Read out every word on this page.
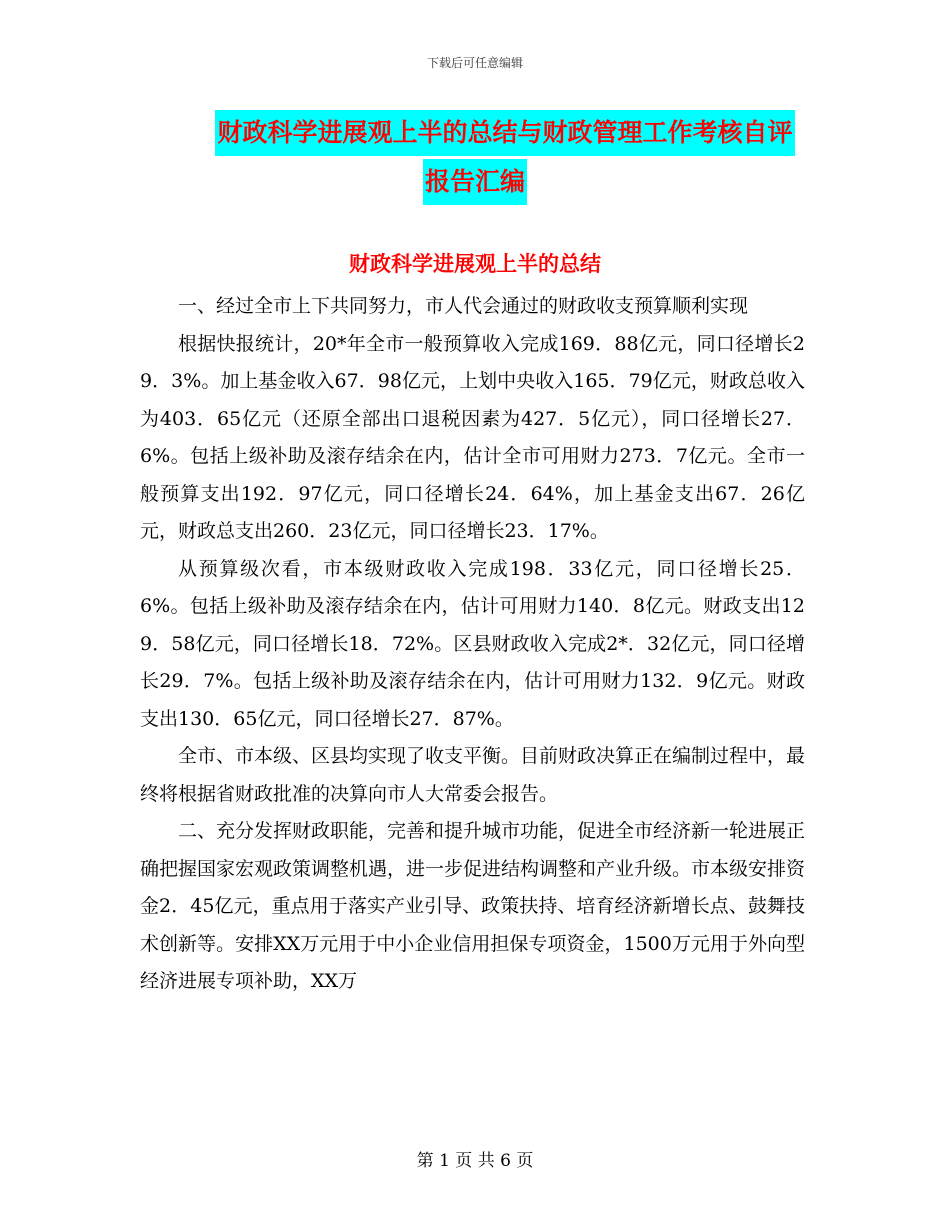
下载后可任意编辑
财政科学进展观上半的总结与财政管理工作考核自评
报告汇编
财政科学进展观上半的总结

一、经过全市上下共同努力，市人代会通过的财政收支预算顺利实现

根据快报统计，20*年全市一般预算收入完成169．88亿元，同口径增长29．3%。加上基金收入67．98亿元，上划中央收入165．79亿元，财政总收入为403．65亿元（还原全部出口退税因素为427．5亿元），同口径增长27．6%。包括上级补助及滚存结余在内，估计全市可用财力273．7亿元。全市一般预算支出192．97亿元，同口径增长24．64%，加上基金支出67．26亿元，财政总支出260．23亿元，同口径增长23．17%。

从预算级次看，市本级财政收入完成198．33亿元，同口径增长25．6%。包括上级补助及滚存结余在内，估计可用财力140．8亿元。财政支出129．58亿元，同口径增长18．72%。区县财政收入完成2*．32亿元，同口径增长29．7%。包括上级补助及滚存结余在内，估计可用财力132．9亿元。财政支出130．65亿元，同口径增长27．87%。

全市、市本级、区县均实现了收支平衡。目前财政决算正在编制过程中，最终将根据省财政批准的决算向市人大常委会报告。

二、充分发挥财政职能，完善和提升城市功能，促进全市经济新一轮进展正确把握国家宏观政策调整机遇，进一步促进结构调整和产业升级。市本级安排资金2．45亿元，重点用于落实产业引导、政策扶持、培育经济新增长点、鼓舞技术创新等。安排XX万元用于中小企业信用担保专项资金，1500万元用于外向型经济进展专项补助，XX万

第 1 页 共 6 页
